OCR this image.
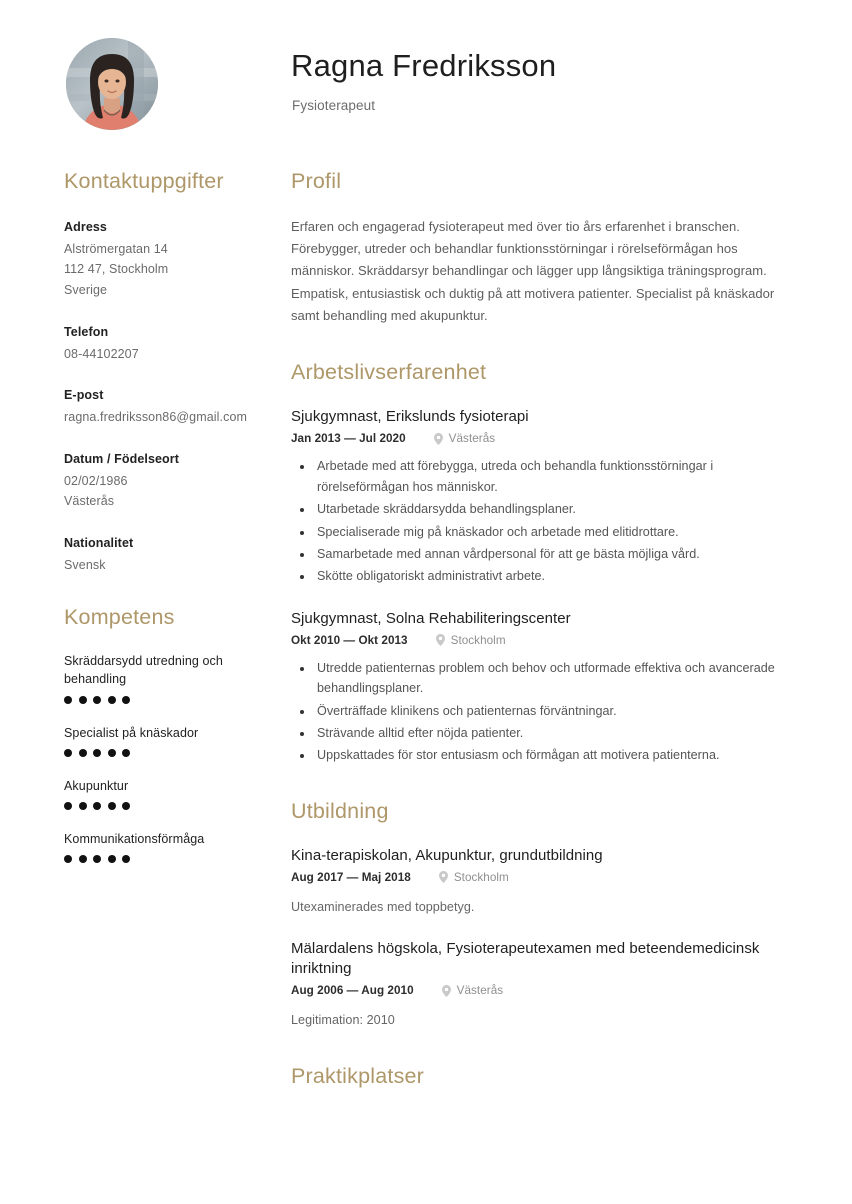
Ragna Fredriksson
Fysioterapeut
Kontaktuppgifter
Adress
Alströmergatan 14
112 47, Stockholm
Sverige
Telefon
08-44102207
E-post
ragna.fredriksson86@gmail.com
Datum / Födelseort
02/02/1986
Västerås
Nationalitet
Svensk
Kompetens
Skräddarsydd utredning och behandling
Specialist på knäskador
Akupunktur
Kommunikationsförmåga
Profil
Erfaren och engagerad fysioterapeut med över tio års erfarenhet i branschen. Förebygger, utreder och behandlar funktionsstörningar i rörelseförmågan hos människor. Skräddarsyr behandlingar och lägger upp långsiktiga träningsprogram. Empatisk, entusiastisk och duktig på att motivera patienter. Specialist på knäskador samt behandling med akupunktur.
Arbetslivserfarenhet
Sjukgymnast, Erikslunds fysioterapi
Jan 2013 — Jul 2020	Västerås
• Arbetade med att förebygga, utreda och behandla funktionsstörningar i rörelseförmågan hos människor.
• Utarbetade skräddarsydda behandlingsplaner.
• Specialiserade mig på knäskador och arbetade med elitidrottare.
• Samarbetade med annan vårdpersonal för att ge bästa möjliga vård.
• Skötte obligatoriskt administrativt arbete.
Sjukgymnast, Solna Rehabiliteringscenter
Okt 2010 — Okt 2013	Stockholm
• Utredde patienternas problem och behov och utformade effektiva och avancerade behandlingsplaner.
• Överträffade klinikens och patienternas förväntningar.
• Strävande alltid efter nöjda patienter.
• Uppskattades för stor entusiasm och förmågan att motivera patienterna.
Utbildning
Kina-terapiskolan, Akupunktur, grundutbildning
Aug 2017 — Maj 2018	Stockholm
Utexaminerades med toppbetyg.
Mälardalens högskola, Fysioterapeutexamen med beteendemedicinsk inriktning
Aug 2006 — Aug 2010	Västerås
Legitimation: 2010
Praktikplatser
